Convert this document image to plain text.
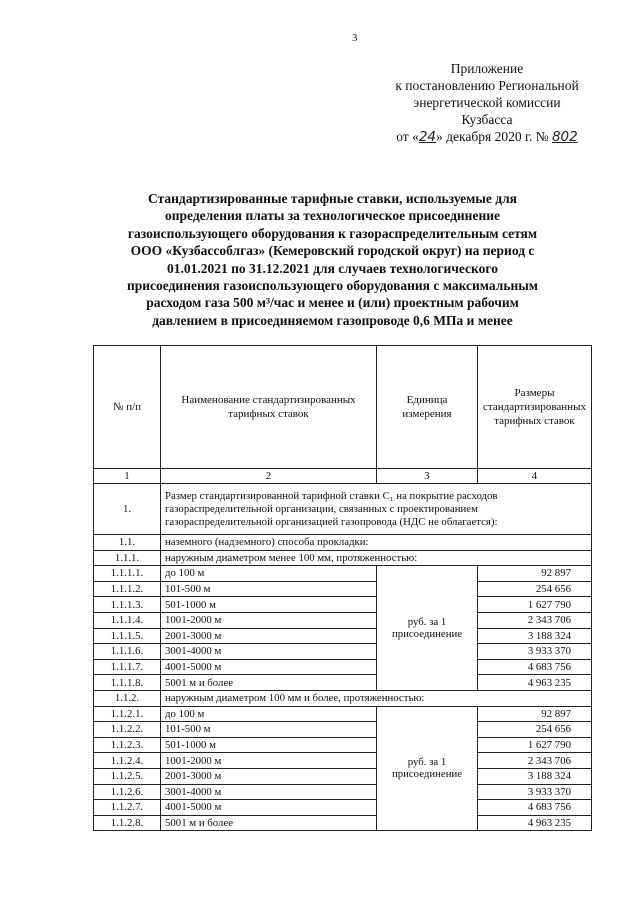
3
Приложение
к постановлению Региональной
энергетической комиссии
Кузбасса
от «24» декабря 2020 г. № 802
Стандартизированные тарифные ставки, используемые для
определения платы за технологическое присоединение
газоиспользующего оборудования к газораспределительным сетям
ООО «Кузбассоблгаз» (Кемеровский городской округ) на период с
01.01.2021 по 31.12.2021 для случаев технологического
присоединения газоиспользующего оборудования с максимальным
расходом газа 500 м³/час и менее и (или) проектным рабочим
давлением в присоединяемом газопроводе 0,6 МПа и менее
№ п/п	Наименование стандартизированных тарифных ставок	Единица измерения	Размеры стандартизированных тарифных ставок
1	2	3	4
1.	Размер стандартизированной тарифной ставки С₁ на покрытие расходов газораспределительной организации, связанных с проектированием газораспределительной организацией газопровода (НДС не облагается):		
1.1.	наземного (надземного) способа прокладки:		
1.1.1.	наружным диаметром менее 100 мм, протяженностью:		
1.1.1.1.	до 100 м	руб. за 1 присоединение	92 897
1.1.1.2.	101-500 м		254 656
1.1.1.3.	501-1000 м		1 627 790
1.1.1.4.	1001-2000 м		2 343 706
1.1.1.5.	2001-3000 м		3 188 324
1.1.1.6.	3001-4000 м		3 933 370
1.1.1.7.	4001-5000 м		4 683 756
1.1.1.8.	5001 м и более		4 963 235
1.1.2.	наружным диаметром 100 мм и более, протяженностью:		
1.1.2.1.	до 100 м	руб. за 1 присоединение	92 897
1.1.2.2.	101-500 м		254 656
1.1.2.3.	501-1000 м		1 627 790
1.1.2.4.	1001-2000 м		2 343 706
1.1.2.5.	2001-3000 м		3 188 324
1.1.2.6.	3001-4000 м		3 933 370
1.1.2.7.	4001-5000 м		4 683 756
1.1.2.8.	5001 м и более		4 963 235
